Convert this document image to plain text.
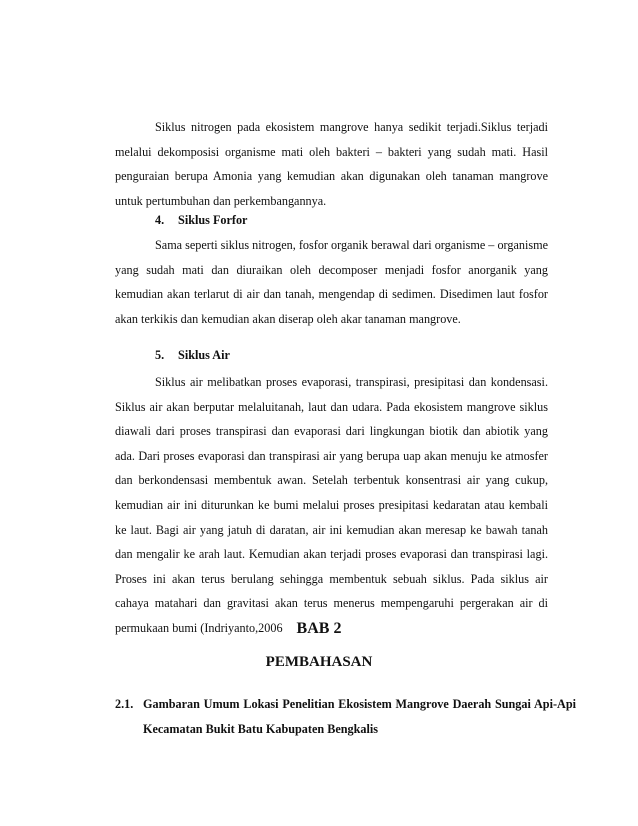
Siklus nitrogen pada ekosistem mangrove hanya sedikit terjadi.Siklus terjadi melalui dekomposisi organisme mati oleh bakteri – bakteri yang sudah mati. Hasil penguraian berupa Amonia yang kemudian akan digunakan oleh tanaman mangrove untuk pertumbuhan dan perkembangannya.

4. Siklus Forfor

Sama seperti siklus nitrogen, fosfor organik berawal dari organisme – organisme yang sudah mati dan diuraikan oleh decomposer menjadi fosfor anorganik yang kemudian akan terlarut di air dan tanah, mengendap di sedimen. Disedimen laut fosfor akan terkikis dan kemudian akan diserap oleh akar tanaman mangrove.

5. Siklus Air

Siklus air melibatkan proses evaporasi, transpirasi, presipitasi dan kondensasi. Siklus air akan berputar melaluitanah, laut dan udara. Pada ekosistem mangrove siklus diawali dari proses transpirasi dan evaporasi dari lingkungan biotik dan abiotik yang ada. Dari proses evaporasi dan transpirasi air yang berupa uap akan menuju ke atmosfer dan berkondensasi membentuk awan. Setelah terbentuk konsentrasi air yang cukup, kemudian air ini diturunkan ke bumi melalui proses presipitasi kedaratan atau kembali ke laut. Bagi air yang jatuh di daratan, air ini kemudian akan meresap ke bawah tanah dan mengalir ke arah laut. Kemudian akan terjadi proses evaporasi dan transpirasi lagi. Proses ini akan terus berulang sehingga membentuk sebuah siklus. Pada siklus air cahaya matahari dan gravitasi akan terus menerus mempengaruhi pergerakan air di permukaan bumi (Indriyanto,2006 BAB 2

PEMBAHASAN

2.1. Gambaran Umum Lokasi Penelitian Ekosistem Mangrove Daerah Sungai Api-Api Kecamatan Bukit Batu Kabupaten Bengkalis
